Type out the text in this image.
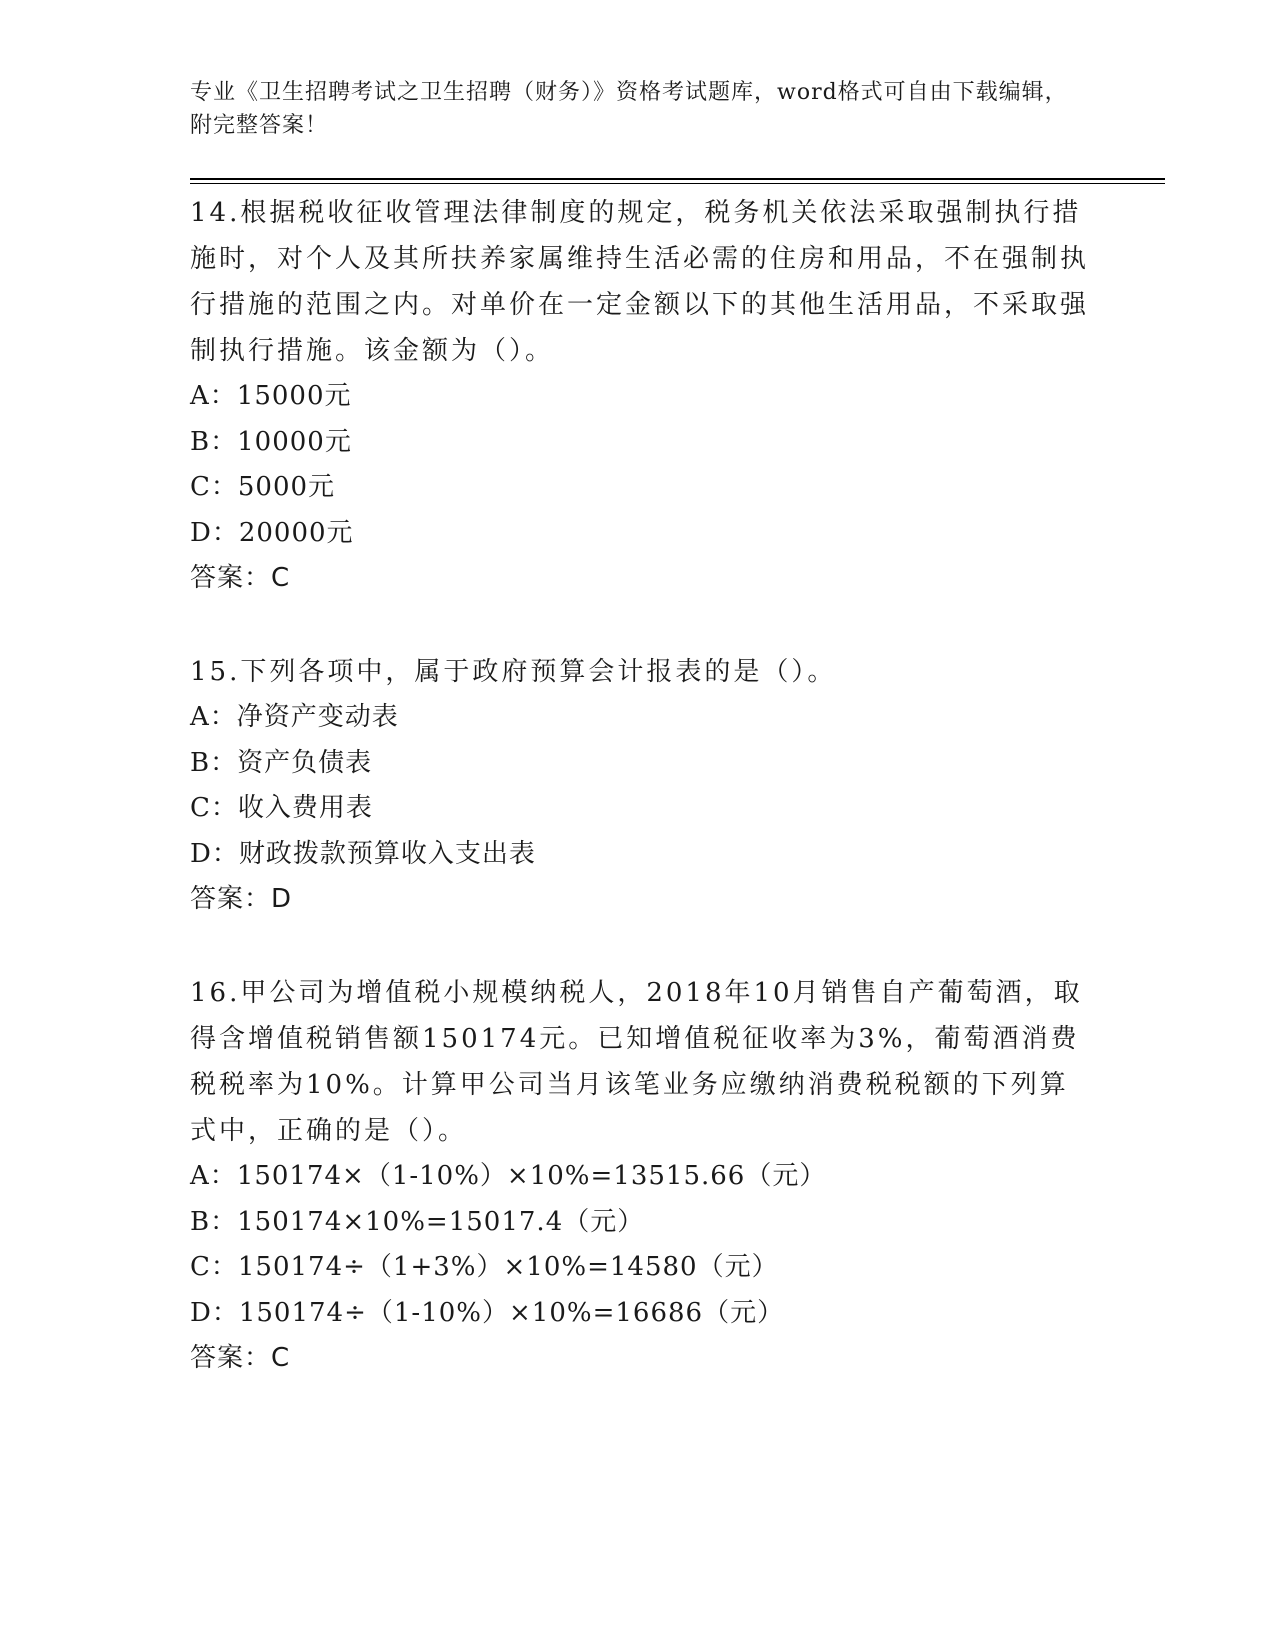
专业《卫生招聘考试之卫生招聘（财务）》资格考试题库，word格式可自由下载编辑，附完整答案！
14.根据税收征收管理法律制度的规定，税务机关依法采取强制执行措施时，对个人及其所扶养家属维持生活必需的住房和用品，不在强制执行措施的范围之内。对单价在一定金额以下的其他生活用品，不采取强制执行措施。该金额为（）。
A：15000元
B：10000元
C：5000元
D：20000元
答案：C
15.下列各项中，属于政府预算会计报表的是（）。
A：净资产变动表
B：资产负债表
C：收入费用表
D：财政拨款预算收入支出表
答案：D
16.甲公司为增值税小规模纳税人，2018年10月销售自产葡萄酒，取得含增值税销售额150174元。已知增值税征收率为3%，葡萄酒消费税税率为10%。计算甲公司当月该笔业务应缴纳消费税税额的下列算式中，正确的是（）。
A：150174×（1-10%）×10%=13515.66（元）
B：150174×10%=15017.4（元）
C：150174÷（1+3%）×10%=14580（元）
D：150174÷（1-10%）×10%=16686（元）
答案：C
